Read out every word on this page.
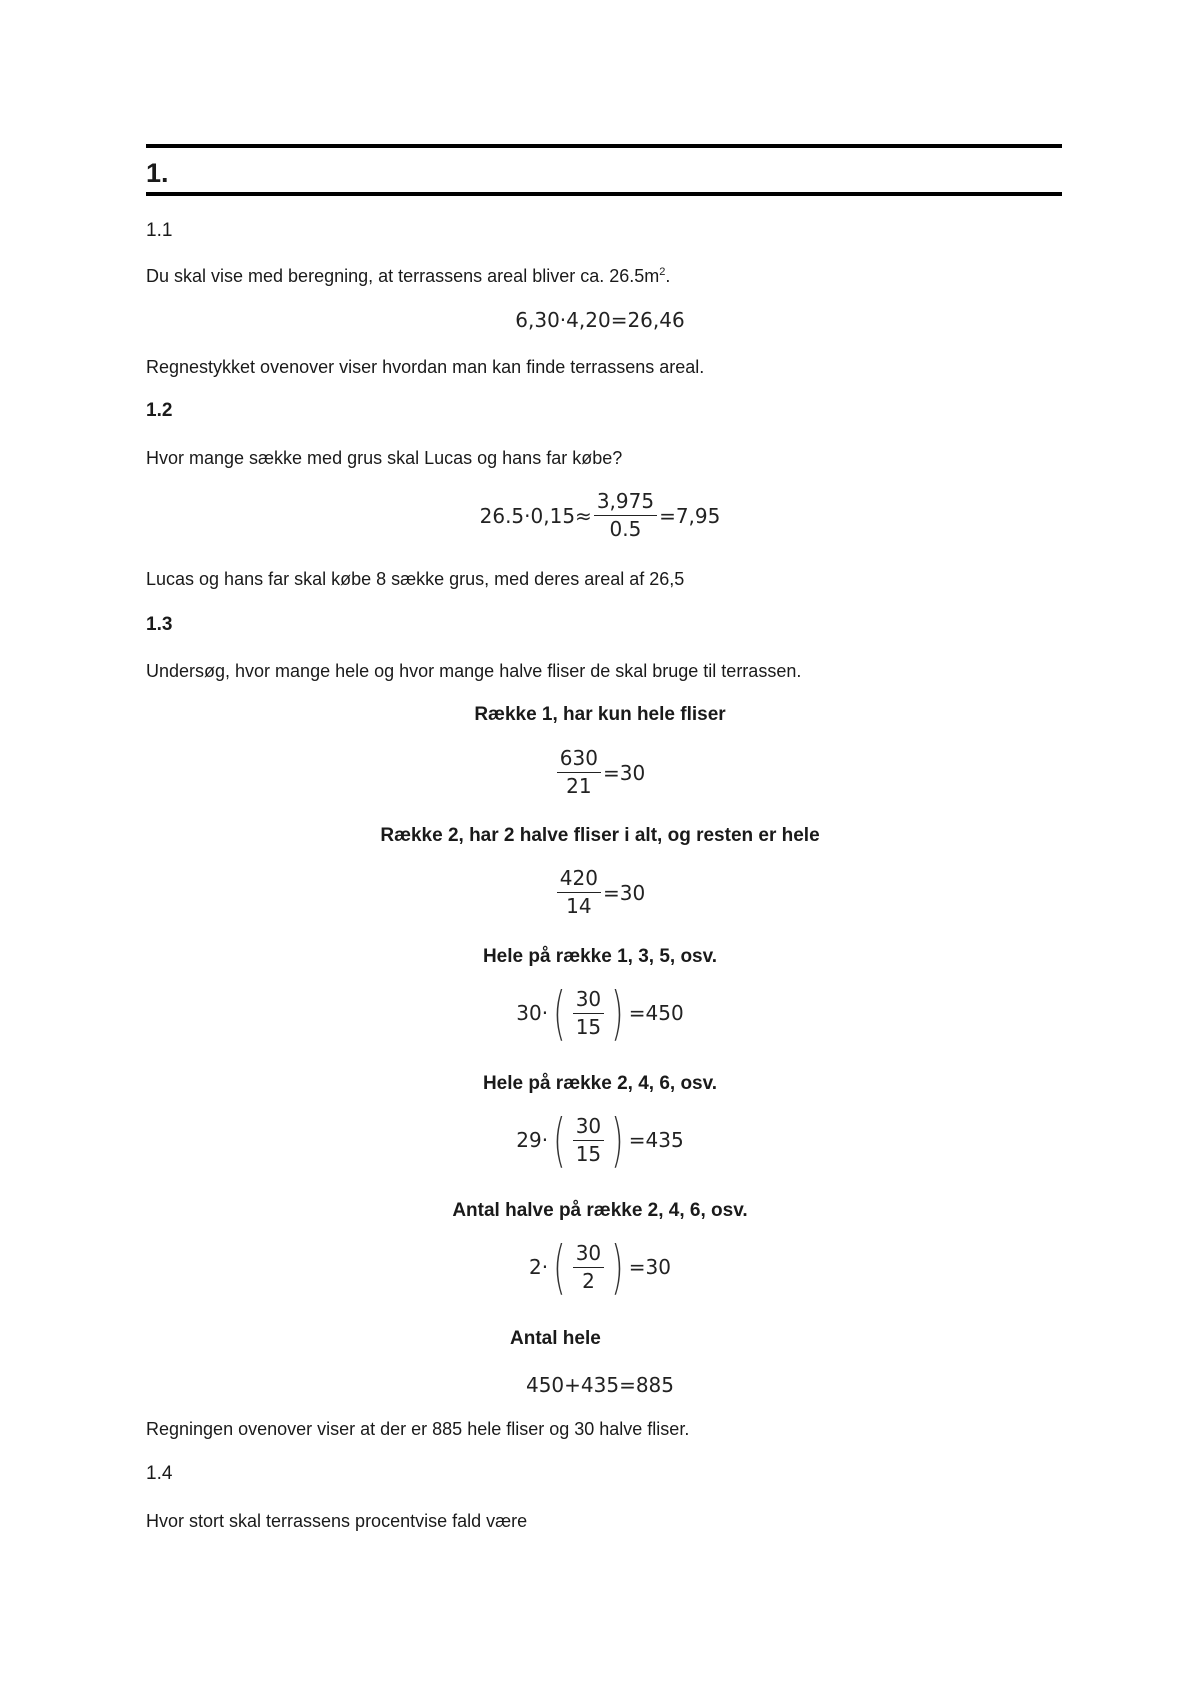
1.
1.1
Du skal vise med beregning, at terrassens areal bliver ca. $26.5m^2$.
6,30·4,20=26,46
Regnestykket ovenover viser hvordan man kan finde terrassens areal.
1.2
Hvor mange sække med grus skal Lucas og hans far købe?
$26.5\cdot 0,15\approx \frac{3,975}{0.5} =7,95$
Lucas og hans far skal købe 8 sække grus, med deres areal af 26,5
1.3
Undersøg, hvor mange hele og hvor mange halve fliser de skal bruge til terrassen.
Række 1, har kun hele fliser
$\frac{630}{21} =30$
Række 2, har 2 halve fliser i alt, og resten er hele
$\frac{420}{14} =30$
Hele på række 1, 3, 5, osv.
30· ( $\frac{30}{15}$ ) =450
Hele på række 2, 4, 6, osv.
29· ( $\frac{30}{15}$ ) =435
Antal halve på række 2, 4, 6, osv.
2· ( $\frac{30}{2}$ ) =30
Antal hele
450+435=885
Regningen ovenover viser at der er 885 hele fliser og 30 halve fliser.
1.4
Hvor stort skal terrassens procentvise fald være
